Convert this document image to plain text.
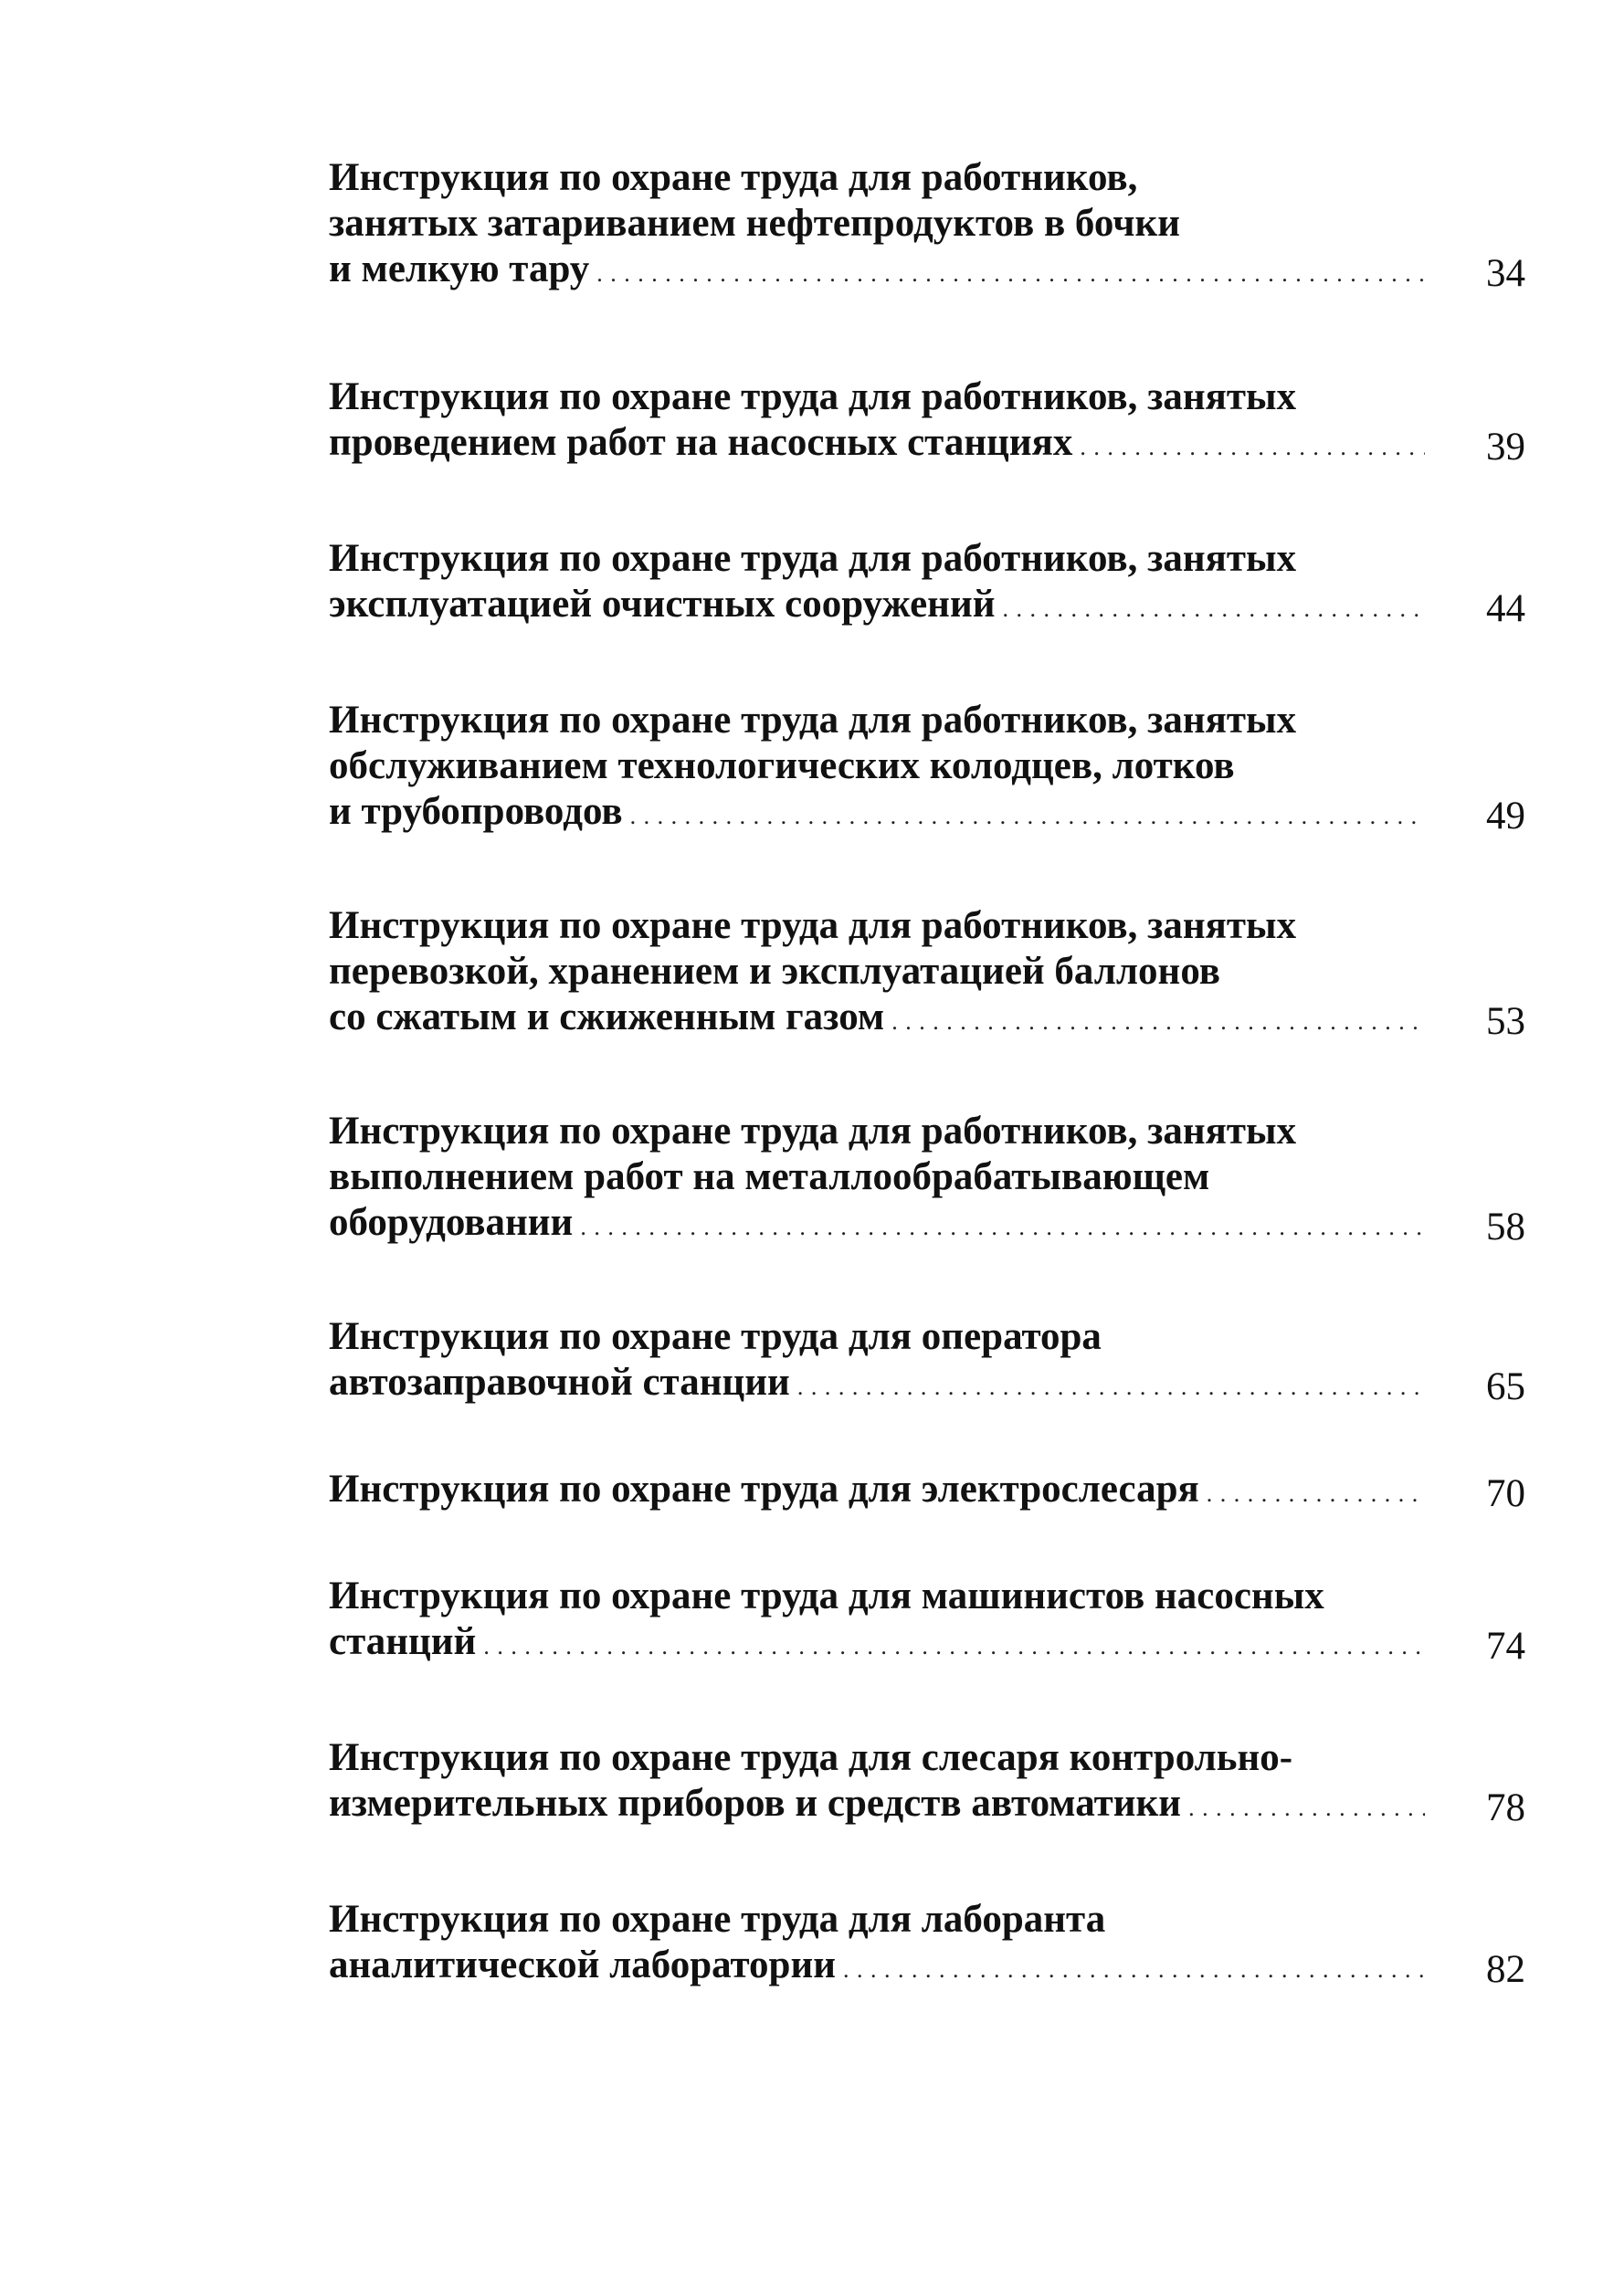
Инструкция по охране труда для работников,
занятых затариванием нефтепродуктов в бочки
и мелкую тару . . .	34
Инструкция по охране труда для работников, занятых
проведением работ на насосных станциях . . .	39
Инструкция по охране труда для работников, занятых
эксплуатацией очистных сооружений . . .	44
Инструкция по охране труда для работников, занятых
обслуживанием технологических колодцев, лотков
и трубопроводов . . .	49
Инструкция по охране труда для работников, занятых
перевозкой, хранением и эксплуатацией баллонов
со сжатым и сжиженным газом . . .	53
Инструкция по охране труда для работников, занятых
выполнением работ на металлообрабатывающем
оборудовании . . .	58
Инструкция по охране труда для оператора
автозаправочной станции . . .	65
Инструкция по охране труда для электрослесаря . . .	70
Инструкция по охране труда для машинистов насосных
станций . . .	74
Инструкция по охране труда для слесаря контрольно-
измерительных приборов и средств автоматики . . .	78
Инструкция по охране труда для лаборанта
аналитической лаборатории . . .	82
